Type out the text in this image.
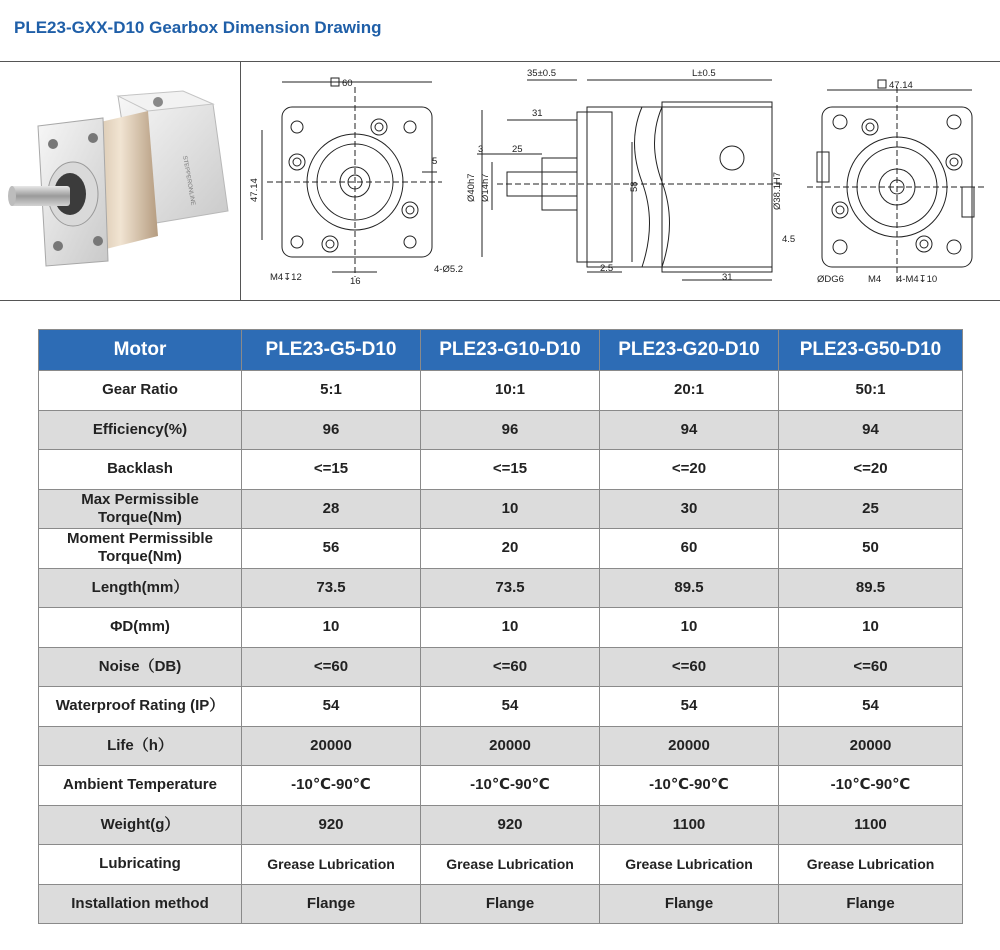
PLE23-GXX-D10 Gearbox Dimension Drawing
STEPPERONLINE
60
47.14
5
16
M4↧12
4-Ø5.2
35±0.5	L±0.5
31
3	25
Ø40h7 Ø14h7	58	Ø38.1H7
4.5
2.5
31
47.14
ØDG6	M4 4-M4↧10
Motor	PLE23-G5-D10	PLE23-G10-D10	PLE23-G20-D10	PLE23-G50-D10
Gear Ratio	5:1	10:1	20:1	50:1
Efficiency(%)	96	96	94	94
Backlash	<=15	<=15	<=20	<=20
Max Permissible Torque(Nm)	28	10	30	25
Moment Permissible Torque(Nm)	56	20	60	50
Length(mm）	73.5	73.5	89.5	89.5
ΦD(mm)	10	10	10	10
Noise（DB)	<=60	<=60	<=60	<=60
Waterproof Rating (IP）	54	54	54	54
Life（h）	20000	20000	20000	20000
Ambient Temperature	-10℃-90℃	-10℃-90℃	-10℃-90℃	-10℃-90℃
Weight(g）	920	920	1100	1100
Lubricating	Grease Lubrication	Grease Lubrication	Grease Lubrication	Grease Lubrication
Installation method	Flange	Flange	Flange	Flange
